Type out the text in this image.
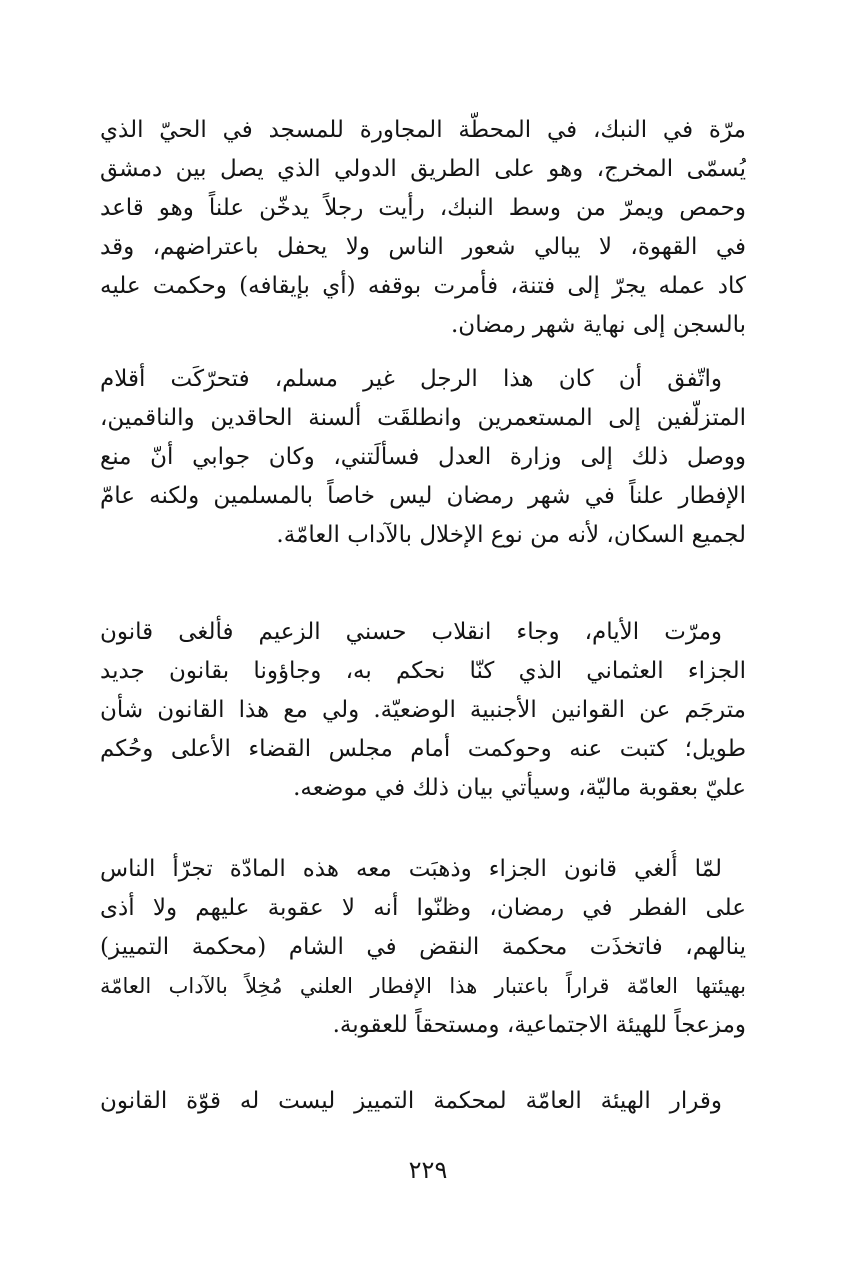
مرّة في النبك، في المحطّة المجاورة للمسجد في الحيّ الذي
يُسمّى المخرج، وهو على الطريق الدولي الذي يصل بين دمشق
وحمص ويمرّ من وسط النبك، رأيت رجلاً يدخّن علناً وهو قاعد
في القهوة، لا يبالي شعور الناس ولا يحفل باعتراضهم، وقد
كاد عمله يجرّ إلى فتنة، فأمرت بوقفه (أي بإيقافه) وحكمت عليه
بالسجن إلى نهاية شهر رمضان.
واتّفق أن كان هذا الرجل غير مسلم، فتحرّكَت أقلام
المتزلّفين إلى المستعمرين وانطلقَت ألسنة الحاقدين والناقمين،
ووصل ذلك إلى وزارة العدل فسألَتني، وكان جوابي أنّ منع
الإفطار علناً في شهر رمضان ليس خاصاً بالمسلمين ولكنه عامّ
لجميع السكان، لأنه من نوع الإخلال بالآداب العامّة.
ومرّت الأيام، وجاء انقلاب حسني الزعيم فألغى قانون
الجزاء العثماني الذي كنّا نحكم به، وجاؤونا بقانون جديد
مترجَم عن القوانين الأجنبية الوضعيّة. ولي مع هذا القانون شأن
طويل؛ كتبت عنه وحوكمت أمام مجلس القضاء الأعلى وحُكم
عليّ بعقوبة ماليّة، وسيأتي بيان ذلك في موضعه.
لمّا أُلغي قانون الجزاء وذهبَت معه هذه المادّة تجرّأ الناس
على الفطر في رمضان، وظنّوا أنه لا عقوبة عليهم ولا أذى
ينالهم، فاتخذَت محكمة النقض في الشام (محكمة التمييز)
بهيئتها العامّة قراراً باعتبار هذا الإفطار العلني مُخِلاً بالآداب العامّة
ومزعجاً للهيئة الاجتماعية، ومستحقاً للعقوبة.
وقرار الهيئة العامّة لمحكمة التمييز ليست له قوّة القانون
٢٢٩
